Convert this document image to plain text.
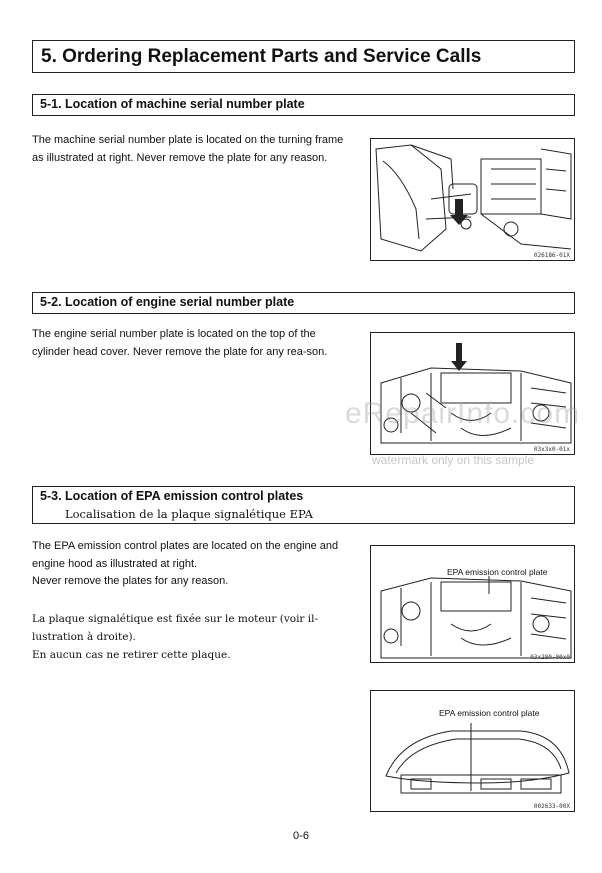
5. Ordering Replacement Parts and Service Calls
5-1. Location of machine serial number plate
The machine serial number plate is located on the turning frame as illustrated at right. Never remove the plate for any reason.
026186-01X
5-2. Location of engine serial number plate
The engine serial number plate is located on the top of the cylinder head cover. Never remove the plate for any rea-son.
03x3x0-01x
eRepairInfo.com
watermark only on this sample
5-3. Location of EPA emission control plates
Localisation de la plaque signalétique EPA
The EPA emission control plates are located on the engine and engine hood as illustrated at right.
Never remove the plates for any reason.
La plaque signalétique est fixée sur le moteur (voir il-lustration à droite).
En aucun cas ne retirer cette plaque.
EPA emission control plate
03x280-00x0
EPA emission control plate
002633-00X
0-6
